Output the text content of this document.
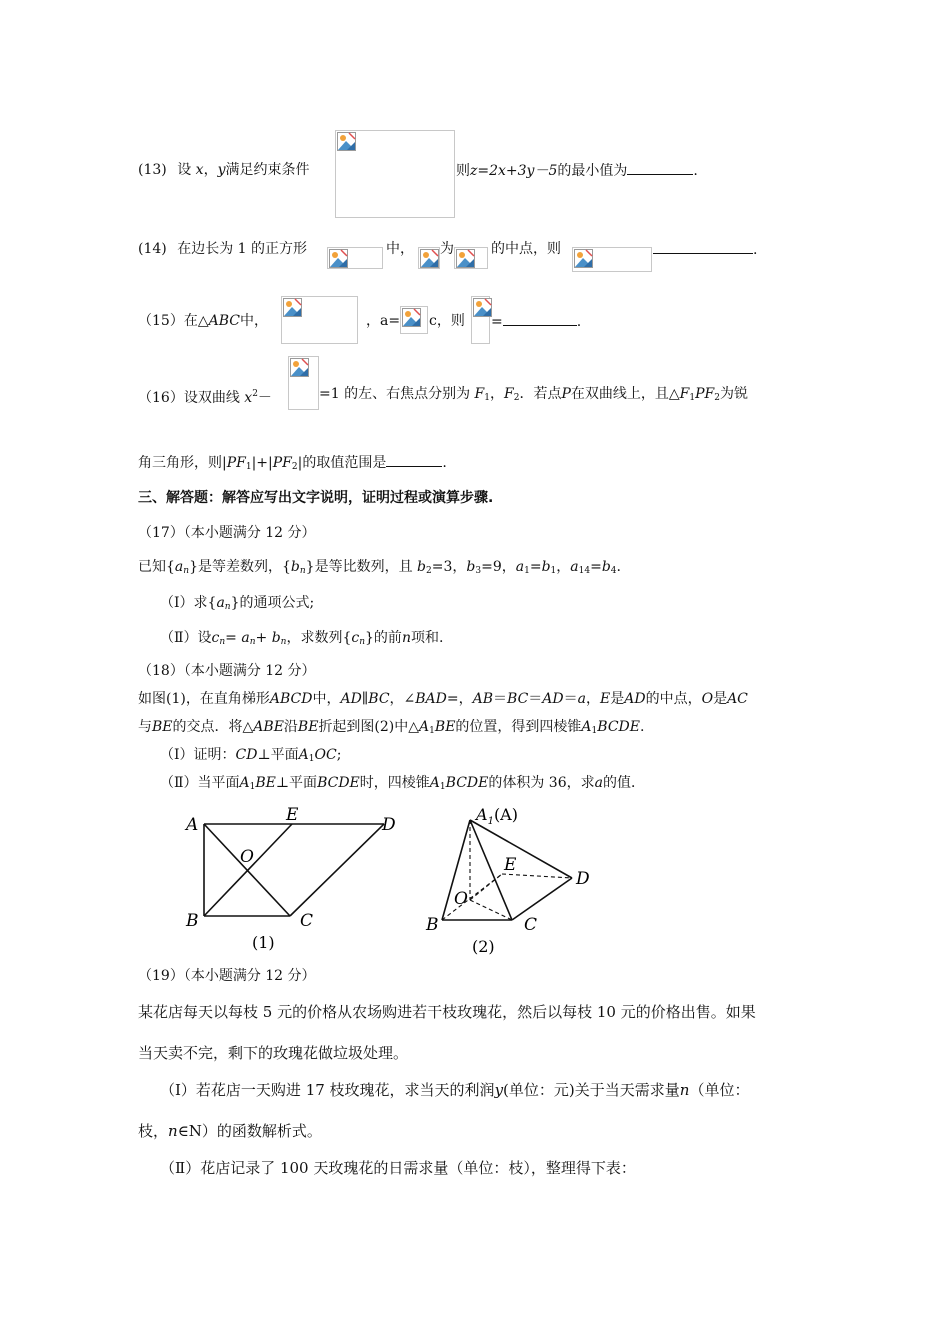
(13) 设 x，y满足约束条件	则z=2x+3y－5的最小值为	.
(14) 在边长为 1 的正方形	中， 为	的中点，则	.
（15）在△ABC中，	，a= c，则 =	.
（16）设双曲线 $x^2-$	=1 的左、右焦点分别为 $F_1$，$F_2$．若点P在双曲线上，且$\triangle F_1PF_2$为锐
角三角形，则$|PF_1|+|PF_2|$的取值范围是	.
三、解答题：解答应写出文字说明，证明过程或演算步骤.
（17）（本小题满分 12 分）
已知$\{a_n\}$是等差数列，$\{b_n\}$是等比数列，且 $b_2=3$，$b_3=9$，$a_1=b_1$，$a_{14}=b_4$.
（Ⅰ）求$\{a_n\}$的通项公式;
（Ⅱ）设$c_n= a_n+ b_n$，求数列$\{c_n\}$的前n项和.
（18）（本小题满分 12 分）
如图(1)，在直角梯形ABCD中，AD∥BC，∠BAD=，AB＝BC＝AD＝a，E是AD的中点，O是AC
与BE的交点．将△ABE沿BE折起到图(2)中$\triangle A_1BE$的位置，得到四棱锥$A_1BCDE$.
（Ⅰ）证明：CD⊥平面$A_1OC$;
（Ⅱ）当平面$A_1BE\perp$平面BCDE时，四棱锥$A_1BCDE$的体积为 36，求a的值．
A	E	D
O
B	C
(1)
$A_1(A)$
E
D
O
B	C
(2)
（19）（本小题满分 12 分）
某花店每天以每枝 5 元的价格从农场购进若干枝玫瑰花，然后以每枝 10 元的价格出售。如果
当天卖不完，剩下的玫瑰花做垃圾处理。
（Ⅰ）若花店一天购进 17 枝玫瑰花，求当天的利润y(单位：元)关于当天需求量n（单位：
枝，n∈N）的函数解析式。
（Ⅱ）花店记录了 100 天玫瑰花的日需求量（单位：枝），整理得下表：
